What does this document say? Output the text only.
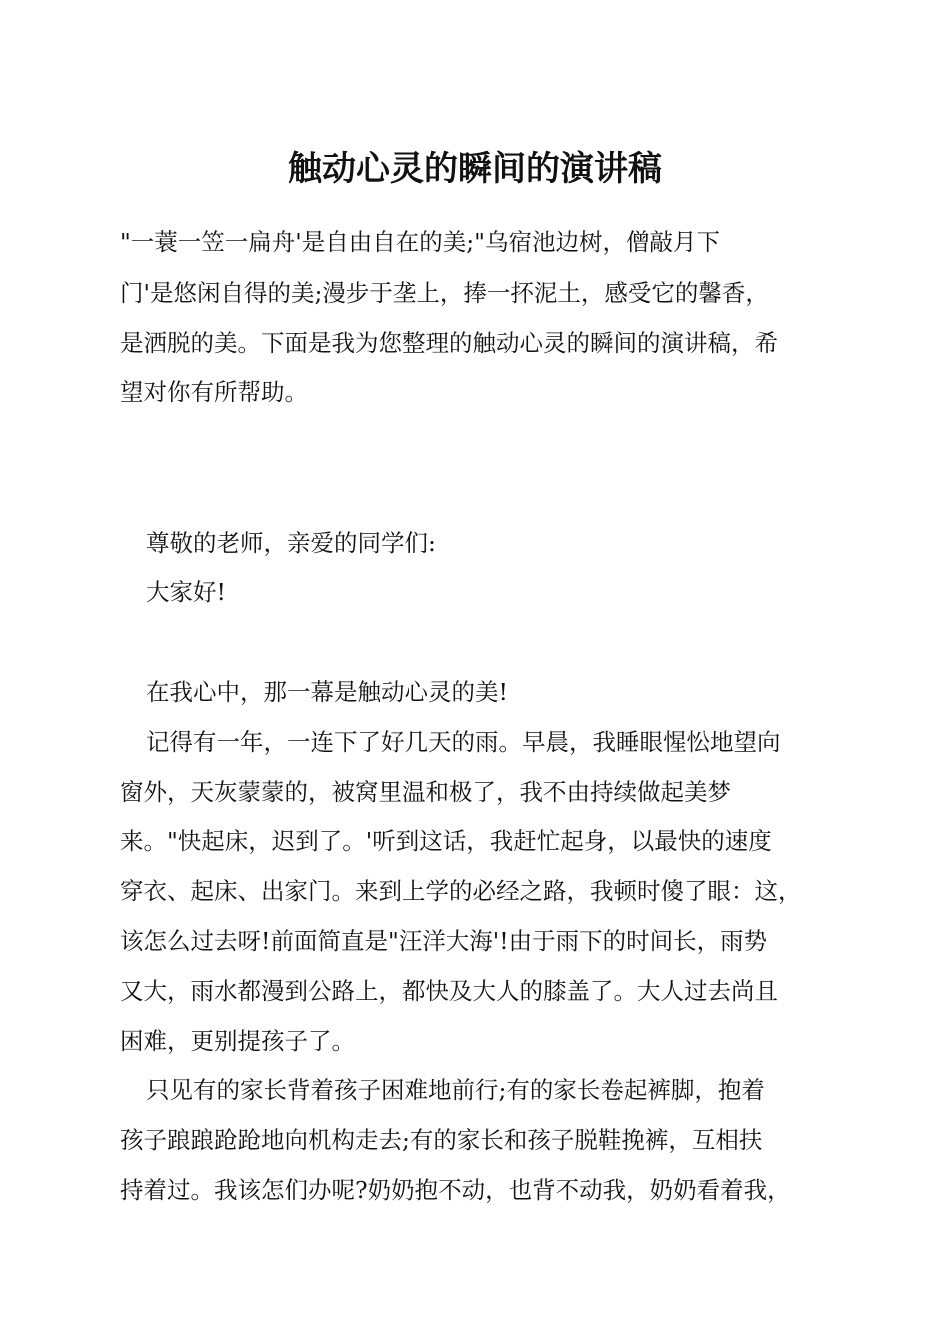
触动心灵的瞬间的演讲稿
"一蓑一笠一扁舟'是自由自在的美;"乌宿池边树，僧敲月下
门'是悠闲自得的美;漫步于垄上，捧一抔泥土，感受它的馨香，
是洒脱的美。下面是我为您整理的触动心灵的瞬间的演讲稿，希
望对你有所帮助。
尊敬的老师，亲爱的同学们:
大家好!
在我心中，那一幕是触动心灵的美!
记得有一年，一连下了好几天的雨。早晨，我睡眼惺忪地望向
窗外，天灰蒙蒙的，被窝里温和极了，我不由持续做起美梦
来。"快起床，迟到了。'听到这话，我赶忙起身，以最快的速度
穿衣、起床、出家门。来到上学的必经之路，我顿时傻了眼：这，
该怎么过去呀!前面简直是"汪洋大海'!由于雨下的时间长，雨势
又大，雨水都漫到公路上，都快及大人的膝盖了。大人过去尚且
困难，更别提孩子了。
只见有的家长背着孩子困难地前行;有的家长卷起裤脚，抱着
孩子踉踉跄跄地向机构走去;有的家长和孩子脱鞋挽裤，互相扶
持着过。我该怎们办呢?奶奶抱不动，也背不动我，奶奶看着我，
